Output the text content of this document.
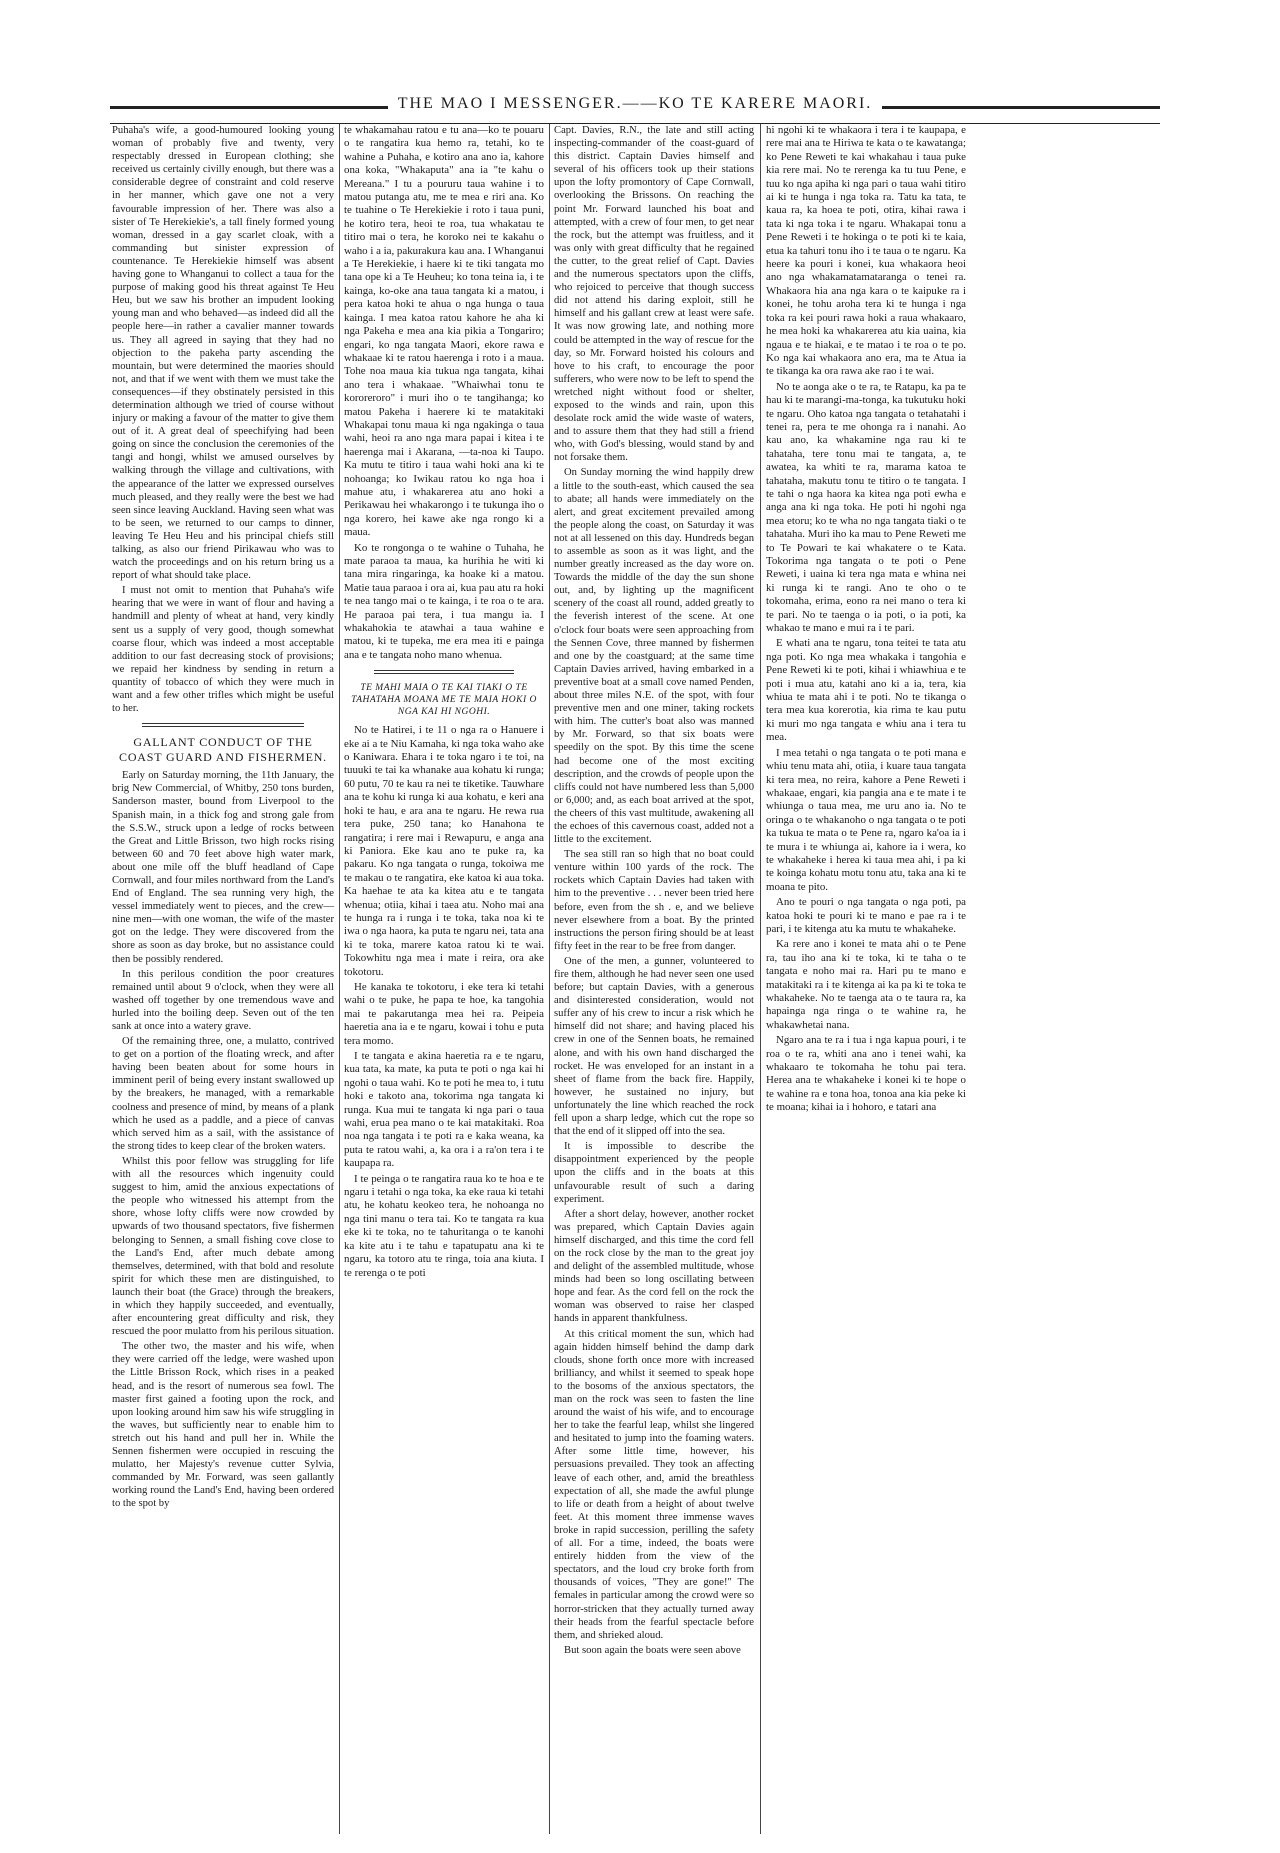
THE MAO I MESSENGER.——KO TE KARERE MAORI.

Puhaha's wife, a good-humoured looking young woman of probably five and twenty, very respectably dressed in European clothing; she received us certainly civilly enough, but there was a considerable degree of constraint and cold reserve in her manner, which gave one not a very favourable impression of her. There was also a sister of Te Herekiekie's, a tall finely formed young woman, dressed in a gay scarlet cloak, with a commanding but sinister expression of countenance. Te Herekiekie himself was absent having gone to Whanganui to collect a taua for the purpose of making good his threat against Te Heu Heu, but we saw his brother an impudent looking young man and who behaved—as indeed did all the people here—in rather a cavalier manner towards us. They all agreed in saying that they had no objection to the pakeha party ascending the mountain, but were determined the maories should not, and that if we went with them we must take the consequences—if they obstinately persisted in this determination although we tried of course without injury or making a favour of the matter to give them out of it. A great deal of speechifying had been going on since the conclusion the ceremonies of the tangi and hongi, whilst we amused ourselves by walking through the village and cultivations, with the appearance of the latter we expressed ourselves much pleased, and they really were the best we had seen since leaving Auckland. Having seen what was to be seen, we returned to our camps to dinner, leaving Te Heu Heu and his principal chiefs still talking, as also our friend Pirikawau who was to watch the proceedings and on his return bring us a report of what should take place.

I must not omit to mention that Puhaha's wife hearing that we were in want of flour and having a handmill and plenty of wheat at hand, very kindly sent us a supply of very good, though somewhat coarse flour, which was indeed a most acceptable addition to our fast decreasing stock of provisions; we repaid her kindness by sending in return a quantity of tobacco of which they were much in want and a few other trifles which might be useful to her.

GALLANT CONDUCT OF THE COAST GUARD AND FISHERMEN.

Early on Saturday morning, the 11th January, the brig New Commercial, of Whitby, 250 tons burden, Sanderson master, bound from Liverpool to the Spanish main, in a thick fog and strong gale from the S.S.W., struck upon a ledge of rocks between the Great and Little Brisson, two high rocks rising between 60 and 70 feet above high water mark, about one mile off the bluff headland of Cape Cornwall, and four miles northward from the Land's End of England. The sea running very high, the vessel immediately went to pieces, and the crew—nine men—with one woman, the wife of the master got on the ledge. They were discovered from the shore as soon as day broke, but no assistance could then be possibly rendered.

In this perilous condition the poor creatures remained until about 9 o'clock, when they were all washed off together by one tremendous wave and hurled into the boiling deep. Seven out of the ten sank at once into a watery grave.

Of the remaining three, one, a mulatto, contrived to get on a portion of the floating wreck, and after having been beaten about for some hours in imminent peril of being every instant swallowed up by the breakers, he managed, with a remarkable coolness and presence of mind, by means of a plank which he used as a paddle, and a piece of canvas which served him as a sail, with the assistance of the strong tides to keep clear of the broken waters.

Whilst this poor fellow was struggling for life with all the resources which ingenuity could suggest to him, amid the anxious expectations of the people who witnessed his attempt from the shore, whose lofty cliffs were now crowded by upwards of two thousand spectators, five fishermen belonging to Sennen, a small fishing cove close to the Land's End, after much debate among themselves, determined, with that bold and resolute spirit for which these men are distinguished, to launch their boat (the Grace) through the breakers, in which they happily succeeded, and eventually, after encountering great difficulty and risk, they rescued the poor mulatto from his perilous situation.

The other two, the master and his wife, when they were carried off the ledge, were washed upon the Little Brisson Rock, which rises in a peaked head, and is the resort of numerous sea fowl. The master first gained a footing upon the rock, and upon looking around him saw his wife struggling in the waves, but sufficiently near to enable him to stretch out his hand and pull her in. While the Sennen fishermen were occupied in rescuing the mulatto, her Majesty's revenue cutter Sylvia, commanded by Mr. Forward, was seen gallantly working round the Land's End, having been ordered to the spot by

te whakamahau ratou e tu ana—ko te pouaru o te rangatira kua hemo ra, tetahi, ko te wahine a Puhaha, e kotiro ana ano ia, kahore ona koka, "Whakaputa" ana ia "te kahu o Mereana." I tu a poururu taua wahine i to matou putanga atu, me te mea e riri ana. Ko te tuahine o Te Herekiekie i roto i taua puni, he kotiro tera, heoi te roa, tua whakatau te titiro mai o tera, he koroko nei te kakahu o waho i a ia, pakurakura kau ana. I Whanganui a Te Herekiekie, i haere ki te tiki tangata mo tana ope ki a Te Heuheu; ko tona teina ia, i te kainga, ko-oke ana taua tangata ki a matou, i pera katoa hoki te ahua o nga hunga o taua kainga. I mea katoa ratou kahore he aha ki nga Pakeha e mea ana kia pikia a Tongariro; engari, ko nga tangata Maori, ekore rawa e whakaae ki te ratou haerenga i roto i a maua. Tohe noa maua kia tukua nga tangata, kihai ano tera i whakaae. "Whaiwhai tonu te kororeroro" i muri iho o te tangihanga; ko matou Pakeha i haerere ki te matakitaki Whakapai tonu maua ki nga ngakinga o taua wahi, heoi ra ano nga mara papai i kitea i te haerenga mai i Akarana, —ta-noa ki Taupo. Ka mutu te titiro i taua wahi hoki ana ki te nohoanga; ko Iwikau ratou ko nga hoa i mahue atu, i whakarerea atu ano hoki a Perikawau hei whakarongo i te tukunga iho o nga korero, hei kawe ake nga rongo ki a maua.

Ko te rongonga o te wahine o Tuhaha, he mate paraoa ta maua, ka hurihia he witi ki tana mira ringaringa, ka hoake ki a matou. Matie taua paraoa i ora ai, kua pau atu ra hoki te nea tango mai o te kainga, i te roa o te ara. He paraoa pai tera, i tua mangu ia. I whakahokia te atawhai a taua wahine e matou, ki te tupeka, me era mea iti e painga ana e te tangata noho mano whenua.

TE MAHI MAIA O TE KAI TIAKI O TE TAHATAHA MOANA ME TE MAIA HOKI O NGA KAI HI NGOHI.

No te Hatirei, i te 11 o nga ra o Hanuere i eke ai a te Niu Kamaha, ki nga toka waho ake o Kaniwara. Ehara i te toka ngaro i te toi, na tuuuki te tai ka whanake aua kohatu ki runga; 60 putu, 70 te kau ra nei te tiketike. Tauwhare ana te kohu ki runga ki aua kohatu, e keri ana hoki te hau, e ara ana te ngaru. He rewa rua tera puke, 250 tana; ko Hanahona te rangatira; i rere mai i Rewapuru, e anga ana ki Paniora. Eke kau ano te puke ra, ka pakaru. Ko nga tangata o runga, tokoiwa me te makau o te rangatira, eke katoa ki aua toka. Ka haehae te ata ka kitea atu e te tangata whenua; otiia, kihai i taea atu. Noho mai ana te hunga ra i runga i te toka, taka noa ki te iwa o nga haora, ka puta te ngaru nei, tata ana ki te toka, marere katoa ratou ki te wai. Tokowhitu nga mea i mate i reira, ora ake tokotoru.

He kanaka te tokotoru, i eke tera ki tetahi wahi o te puke, he papa te hoe, ka tangohia mai te pakarutanga mea hei ra. Peipeia haeretia ana ia e te ngaru, kowai i tohu e puta tera momo.

I te tangata e akina haeretia ra e te ngaru, kua tata, ka mate, ka puta te poti o nga kai hi ngohi o taua wahi. Ko te poti he mea to, i tutu hoki e takoto ana, tokorima nga tangata ki runga. Kua mui te tangata ki nga pari o taua wahi, erua pea mano o te kai matakitaki. Roa noa nga tangata i te poti ra e kaka weana, ka puta te ratou wahi, a, ka ora i a ra'on tera i te kaupapa ra.

I te peinga o te rangatira raua ko te hoa e te ngaru i tetahi o nga toka, ka eke raua ki tetahi atu, he kohatu keokeo tera, he nohoanga no nga tini manu o tera tai. Ko te tangata ra kua eke ki te toka, no te tahuritanga o te kanohi ka kite atu i te tahu e tapatupatu ana ki te ngaru, ka totoro atu te ringa, toia ana kiuta. I te rerenga o te poti

Capt. Davies, R.N., the late and still acting inspecting-commander of the coast-guard of this district. Captain Davies himself and several of his officers took up their stations upon the lofty promontory of Cape Cornwall, overlooking the Brissons. On reaching the point Mr. Forward launched his boat and attempted, with a crew of four men, to get near the rock, but the attempt was fruitless, and it was only with great difficulty that he regained the cutter, to the great relief of Capt. Davies and the numerous spectators upon the cliffs, who rejoiced to perceive that though success did not attend his daring exploit, still he himself and his gallant crew at least were safe. It was now growing late, and nothing more could be attempted in the way of rescue for the day, so Mr. Forward hoisted his colours and hove to his craft, to encourage the poor sufferers, who were now to be left to spend the wretched night without food or shelter, exposed to the winds and rain, upon this desolate rock amid the wide waste of waters, and to assure them that they had still a friend who, with God's blessing, would stand by and not forsake them.

On Sunday morning the wind happily drew a little to the south-east, which caused the sea to abate; all hands were immediately on the alert, and great excitement prevailed among the people along the coast, on Saturday it was not at all lessened on this day. Hundreds began to assemble as soon as it was light, and the number greatly increased as the day wore on. Towards the middle of the day the sun shone out, and, by lighting up the magnificent scenery of the coast all round, added greatly to the feverish interest of the scene. At one o'clock four boats were seen approaching from the Sennen Cove, three manned by fishermen and one by the coastguard; at the same time Captain Davies arrived, having embarked in a preventive boat at a small cove named Penden, about three miles N.E. of the spot, with four preventive men and one miner, taking rockets with him. The cutter's boat also was manned by Mr. Forward, so that six boats were speedily on the spot. By this time the scene had become one of the most exciting description, and the crowds of people upon the cliffs could not have numbered less than 5,000 or 6,000; and, as each boat arrived at the spot, the cheers of this vast multitude, awakening all the echoes of this cavernous coast, added not a little to the excitement.

The sea still ran so high that no boat could venture within 100 yards of the rock. The rockets which Captain Davies had taken with him to the preventive . . . never been tried here before, even from the sh . e, and we believe never elsewhere from a boat. By the printed instructions the person firing should be at least fifty feet in the rear to be free from danger.

One of the men, a gunner, volunteered to fire them, although he had never seen one used before; but captain Davies, with a generous and disinterested consideration, would not suffer any of his crew to incur a risk which he himself did not share; and having placed his crew in one of the Sennen boats, he remained alone, and with his own hand discharged the rocket. He was enveloped for an instant in a sheet of flame from the back fire. Happily, however, he sustained no injury, but unfortunately the line which reached the rock fell upon a sharp ledge, which cut the rope so that the end of it slipped off into the sea.

It is impossible to describe the disappointment experienced by the people upon the cliffs and in the boats at this unfavourable result of such a daring experiment.

After a short delay, however, another rocket was prepared, which Captain Davies again himself discharged, and this time the cord fell on the rock close by the man to the great joy and delight of the assembled multitude, whose minds had been so long oscillating between hope and fear. As the cord fell on the rock the woman was observed to raise her clasped hands in apparent thankfulness.

At this critical moment the sun, which had again hidden himself behind the damp dark clouds, shone forth once more with increased brilliancy, and whilst it seemed to speak hope to the bosoms of the anxious spectators, the man on the rock was seen to fasten the line around the waist of his wife, and to encourage her to take the fearful leap, whilst she lingered and hesitated to jump into the foaming waters. After some little time, however, his persuasions prevailed. They took an affecting leave of each other, and, amid the breathless expectation of all, she made the awful plunge to life or death from a height of about twelve feet. At this moment three immense waves broke in rapid succession, perilling the safety of all. For a time, indeed, the boats were entirely hidden from the view of the spectators, and the loud cry broke forth from thousands of voices, "They are gone!" The females in particular among the crowd were so horror-stricken that they actually turned away their heads from the fearful spectacle before them, and shrieked aloud.

But soon again the boats were seen above

hi ngohi ki te whakaora i tera i te kaupapa, e rere mai ana te Hiriwa te kata o te kawatanga; ko Pene Reweti te kai whakahau i taua puke kia rere mai. No te rerenga ka tu tuu Pene, e tuu ko nga apiha ki nga pari o taua wahi titiro ai ki te hunga i nga toka ra. Tatu ka tata, te kaua ra, ka hoea te poti, otira, kihai rawa i tata ki nga toka i te ngaru. Whakapai tonu a Pene Reweti i te hokinga o te poti ki te kaia, etua ka tahuri tonu iho i te taua o te ngaru. Ka heere ka pouri i konei, kua whakaora heoi ano nga whakamatamataranga o tenei ra. Whakaora hia ana nga kara o te kaipuke ra i konei, he tohu aroha tera ki te hunga i nga toka ra kei pouri rawa hoki a raua whakaaro, he mea hoki ka whakarerea atu kia uaina, kia ngaua e te hiakai, e te matao i te roa o te po. Ko nga kai whakaora ano era, ma te Atua ia te tikanga ka ora rawa ake rao i te wai.

No te aonga ake o te ra, te Ratapu, ka pa te hau ki te marangi-ma-tonga, ka tukutuku hoki te ngaru. Oho katoa nga tangata o tetahatahi i tenei ra, pera te me ohonga ra i nanahi. Ao kau ano, ka whakamine nga rau ki te tahataha, tere tonu mai te tangata, a, te awatea, ka whiti te ra, marama katoa te tahataha, makutu tonu te titiro o te tangata. I te tahi o nga haora ka kitea nga poti ewha e anga ana ki nga toka. He poti hi ngohi nga mea etoru; ko te wha no nga tangata tiaki o te tahataha. Muri iho ka mau to Pene Reweti me to Te Powari te kai whakatere o te Kata. Tokorima nga tangata o te poti o Pene Reweti, i uaina ki tera nga mata e whina nei ki runga ki te rangi. Ano te oho o te tokomaha, erima, eono ra nei mano o tera ki te pari. No te taenga o ia poti, o ia poti, ka whakao te mano e mui ra i te pari.

E whati ana te ngaru, tona teitei te tata atu nga poti. Ko nga mea whakaka i tangohia e Pene Reweti ki te poti, kihai i whiawhiua e te poti i mua atu, katahi ano ki a ia, tera, kia whiua te mata ahi i te poti. No te tikanga o tera mea kua korerotia, kia rima te kau putu ki muri mo nga tangata e whiu ana i tera tu mea.

I mea tetahi o nga tangata o te poti mana e whiu tenu mata ahi, otiia, i kuare taua tangata ki tera mea, no reira, kahore a Pene Reweti i whakaae, engari, kia pangia ana e te mate i te whiunga o taua mea, me uru ano ia. No te oringa o te whakanoho o nga tangata o te poti ka tukua te mata o te Pene ra, ngaro ka'oa ia i te mura i te whiunga ai, kahore ia i wera, ko te whakaheke i herea ki taua mea ahi, i pa ki te koinga kohatu motu tonu atu, taka ana ki te moana te pito.

Ano te pouri o nga tangata o nga poti, pa katoa hoki te pouri ki te mano e pae ra i te pari, i te kitenga atu ka mutu te whakaheke.

Ka rere ano i konei te mata ahi o te Pene ra, tau iho ana ki te toka, ki te taha o te tangata e noho mai ra. Hari pu te mano e matakitaki ra i te kitenga ai ka pa ki te toka te whakaheke. No te taenga ata o te taura ra, ka hapainga nga ringa o te wahine ra, he whakawhetai nana.

Ngaro ana te ra i tua i nga kapua pouri, i te roa o te ra, whiti ana ano i tenei wahi, ka whakaaro te tokomaha he tohu pai tera. Herea ana te whakaheke i konei ki te hope o te wahine ra e tona hoa, tonoa ana kia peke ki te moana; kihai ia i hohoro, e tatari ana
